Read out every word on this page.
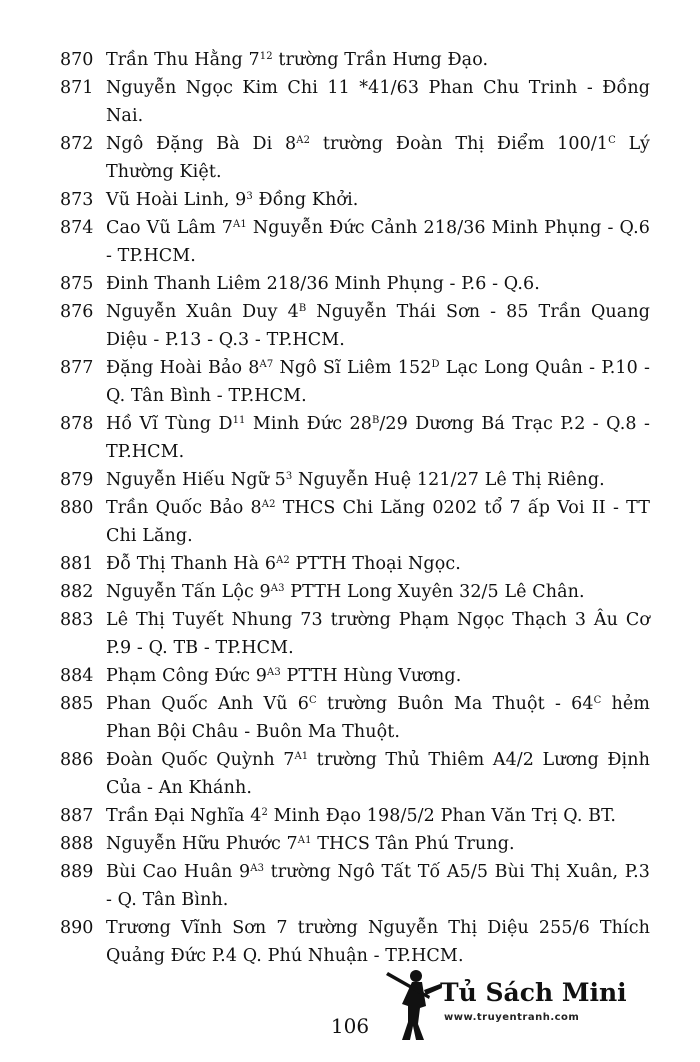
870 Trần Thu Hằng $7^{12}$ trường Trần Hưng Đạo.
871 Nguyễn Ngọc Kim Chi 11 *41/63 Phan Chu Trinh - Đồng Nai.
872 Ngô Đặng Bà Di $8^{A2}$ trường Đoàn Thị Điểm $100/1^C$ Lý Thường Kiệt.
873 Vũ Hoài Linh, $9^3$ Đồng Khởi.
874 Cao Vũ Lâm $7^{A1}$ Nguyễn Đức Cảnh 218/36 Minh Phụng - Q.6 - TP.HCM.
875 Đinh Thanh Liêm 218/36 Minh Phụng - P.6 - Q.6.
876 Nguyễn Xuân Duy $4^B$ Nguyễn Thái Sơn - 85 Trần Quang Diệu - P.13 - Q.3 - TP.HCM.
877 Đặng Hoài Bảo $8^{A7}$ Ngô Sĩ Liêm $152^D$ Lạc Long Quân - P.10 - Q. Tân Bình - TP.HCM.
878 Hồ Vĩ Tùng $D^{11}$ Minh Đức $28^B/29$ Dương Bá Trạc P.2 - Q.8 - TP.HCM.
879 Nguyễn Hiếu Ngữ $5^3$ Nguyễn Huệ 121/27 Lê Thị Riêng.
880 Trần Quốc Bảo $8^{A2}$ THCS Chi Lăng 0202 tổ 7 ấp Voi II - TT Chi Lăng.
881 Đỗ Thị Thanh Hà $6^{A2}$ PTTH Thoại Ngọc.
882 Nguyễn Tấn Lộc $9^{A3}$ PTTH Long Xuyên 32/5 Lê Chân.
883 Lê Thị Tuyết Nhung 73 trường Phạm Ngọc Thạch 3 Âu Cơ P.9 - Q. TB - TP.HCM.
884 Phạm Công Đức $9^{A3}$ PTTH Hùng Vương.
885 Phan Quốc Anh Vũ $6^C$ trường Buôn Ma Thuột - $64^C$ hẻm Phan Bội Châu - Buôn Ma Thuột.
886 Đoàn Quốc Quỳnh $7^{A1}$ trường Thủ Thiêm A4/2 Lương Định Của - An Khánh.
887 Trần Đại Nghĩa $4^2$ Minh Đạo 198/5/2 Phan Văn Trị Q. BT.
888 Nguyễn Hữu Phước $7^{A1}$ THCS Tân Phú Trung.
889 Bùi Cao Huân $9^{A3}$ trường Ngô Tất Tố A5/5 Bùi Thị Xuân, P.3 - Q. Tân Bình.
890 Trương Vĩnh Sơn 7 trường Nguyễn Thị Diệu 255/6 Thích Quảng Đức P.4 Q. Phú Nhuận - TP.HCM.
Tủ Sách Mini
www.truyentranh.com
106
